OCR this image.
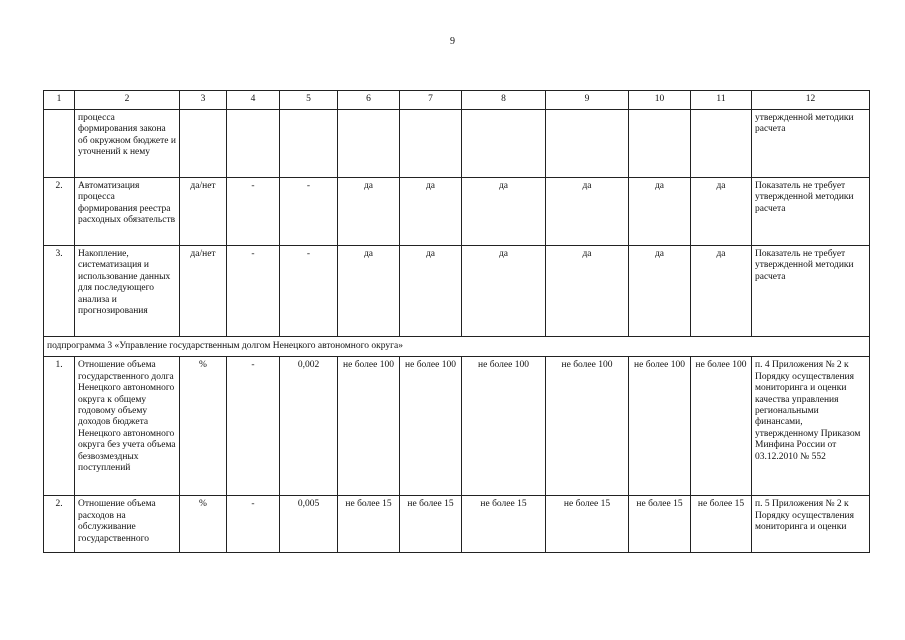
9
1	2	3	4	5	6	7	8	9	10	11	12
	процесса формирования закона об окружном бюджете и уточнений к нему										утвержденной методики расчета
2.	Автоматизация процесса формирования реестра расходных обязательств	да/нет	-	-	да	да	да	да	да	да	Показатель не требует утвержденной методики расчета
3.	Накопление, систематизация и использование данных для последующего анализа и прогнозирования	да/нет	-	-	да	да	да	да	да	да	Показатель не требует утвержденной методики расчета
подпрограмма 3 «Управление государственным долгом Ненецкого автономного округа»											
1.	Отношение объема государственного долга Ненецкого автономного округа к общему годовому объему доходов бюджета Ненецкого автономного округа без учета объема безвозмездных поступлений	%	-	0,002	не более 100	не более 100	не более 100	не более 100	не более 100	не более 100	п. 4 Приложения № 2 к Порядку осуществления мониторинга и оценки качества управления региональными финансами, утвержденному Приказом Минфина России от 03.12.2010 № 552
2.	Отношение объема расходов на обслуживание государственного	%	-	0,005	не более 15	не более 15	не более 15	не более 15	не более 15	не более 15	п. 5 Приложения № 2 к Порядку осуществления мониторинга и оценки
